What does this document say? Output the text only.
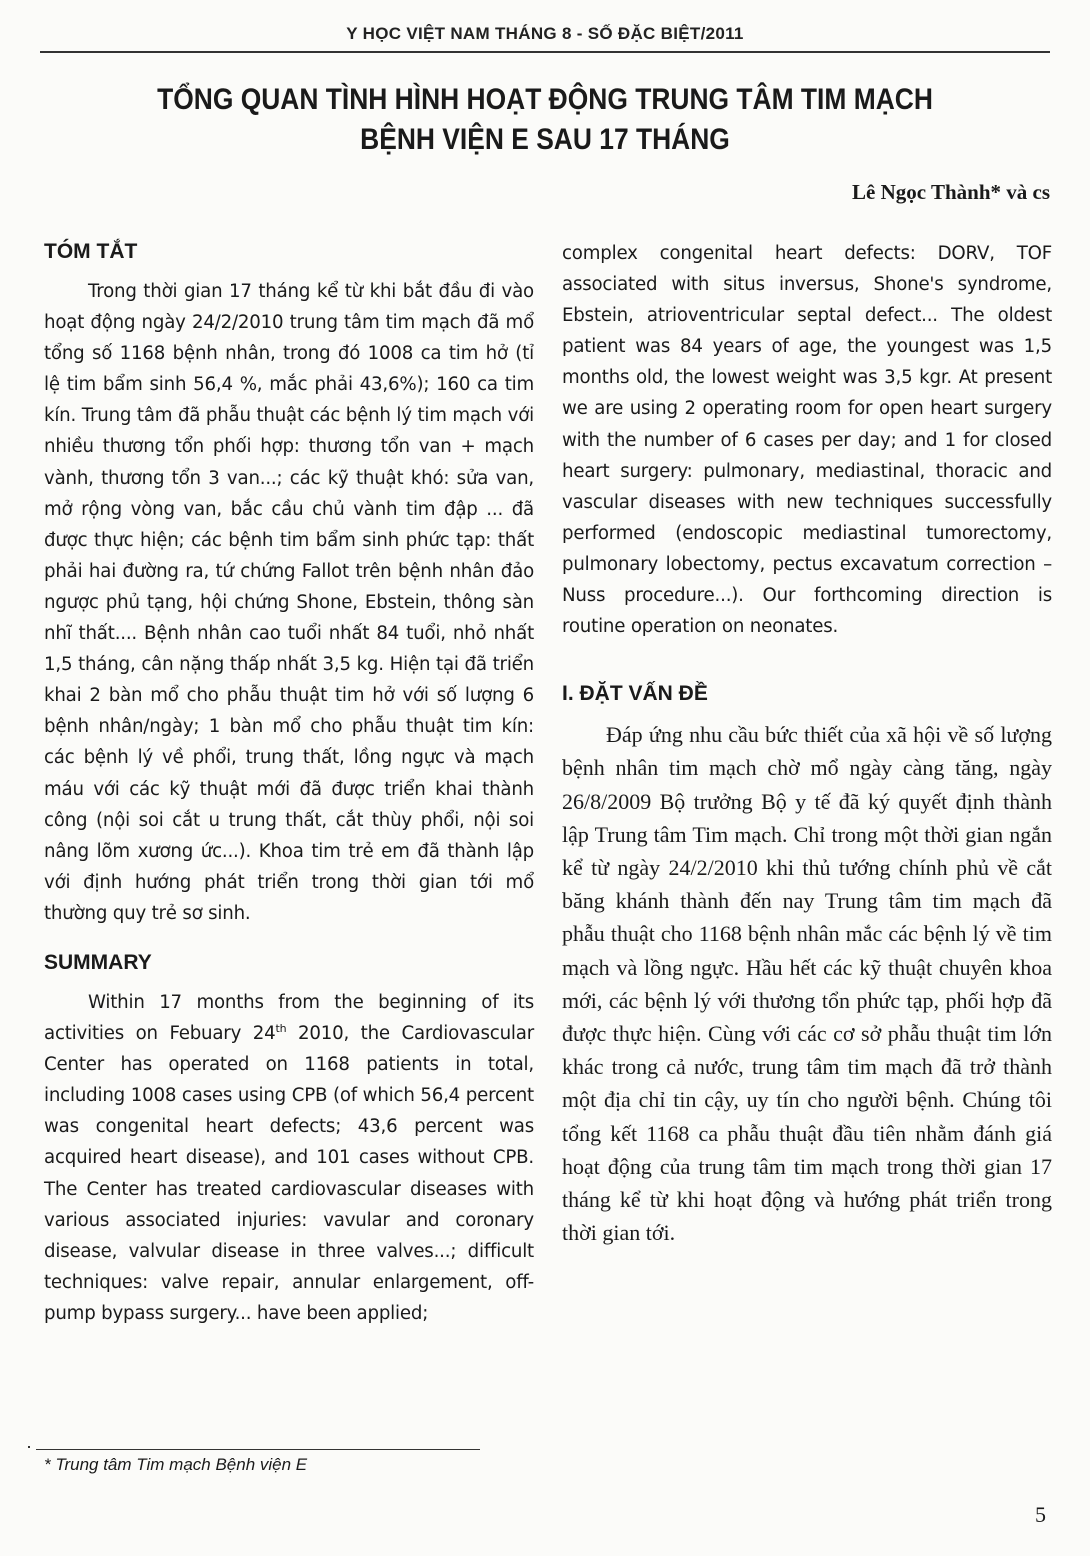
Y HỌC VIỆT NAM THÁNG 8 - SỐ ĐẶC BIỆT/2011
TỔNG QUAN TÌNH HÌNH HOẠT ĐỘNG TRUNG TÂM TIM MẠCH
BỆNH VIỆN E SAU 17 THÁNG
Lê Ngọc Thành* và cs
TÓM TẮT

Trong thời gian 17 tháng kể từ khi bắt đầu đi vào hoạt động ngày 24/2/2010 trung tâm tim mạch đã mổ tổng số 1168 bệnh nhân, trong đó 1008 ca tim hở (tỉ lệ tim bẩm sinh 56,4 %, mắc phải 43,6%); 160 ca tim kín. Trung tâm đã phẫu thuật các bệnh lý tim mạch với nhiều thương tổn phối hợp: thương tổn van + mạch vành, thương tổn 3 van...; các kỹ thuật khó: sửa van, mở rộng vòng van, bắc cầu chủ vành tim đập ... đã được thực hiện; các bệnh tim bẩm sinh phức tạp: thất phải hai đường ra, tứ chứng Fallot trên bệnh nhân đảo ngược phủ tạng, hội chứng Shone, Ebstein, thông sàn nhĩ thất.... Bệnh nhân cao tuổi nhất 84 tuổi, nhỏ nhất 1,5 tháng, cân nặng thấp nhất 3,5 kg. Hiện tại đã triển khai 2 bàn mổ cho phẫu thuật tim hở với số lượng 6 bệnh nhân/ngày; 1 bàn mổ cho phẫu thuật tim kín: các bệnh lý về phổi, trung thất, lồng ngực và mạch máu với các kỹ thuật mới đã được triển khai thành công (nội soi cắt u trung thất, cắt thùy phổi, nội soi nâng lõm xương ức...). Khoa tim trẻ em đã thành lập với định hướng phát triển trong thời gian tới mổ thường quy trẻ sơ sinh.

SUMMARY

Within 17 months from the beginning of its activities on Febuary 24th 2010, the Cardiovascular Center has operated on 1168 patients in total, including 1008 cases using CPB (of which 56,4 percent was congenital heart defects; 43,6 percent was acquired heart disease), and 101 cases without CPB. The Center has treated cardiovascular diseases with various associated injuries: vavular and coronary disease, valvular disease in three valves...; difficult techniques: valve repair, annular enlargement, off-pump bypass surgery... have been applied;

complex congenital heart defects: DORV, TOF associated with situs inversus, Shone's syndrome, Ebstein, atrioventricular septal defect... The oldest patient was 84 years of age, the youngest was 1,5 months old, the lowest weight was 3,5 kgr. At present we are using 2 operating room for open heart surgery with the number of 6 cases per day; and 1 for closed heart surgery: pulmonary, mediastinal, thoracic and vascular diseases with new techniques successfully performed (endoscopic mediastinal tumorectomy, pulmonary lobectomy, pectus excavatum correction – Nuss procedure...). Our forthcoming direction is routine operation on neonates.

I. ĐẶT VẤN ĐỀ

Đáp ứng nhu cầu bức thiết của xã hội về số lượng bệnh nhân tim mạch chờ mổ ngày càng tăng, ngày 26/8/2009 Bộ trưởng Bộ y tế đã ký quyết định thành lập Trung tâm Tim mạch. Chỉ trong một thời gian ngắn kể từ ngày 24/2/2010 khi thủ tướng chính phủ về cắt băng khánh thành đến nay Trung tâm tim mạch đã phẫu thuật cho 1168 bệnh nhân mắc các bệnh lý về tim mạch và lồng ngực. Hầu hết các kỹ thuật chuyên khoa mới, các bệnh lý với thương tổn phức tạp, phối hợp đã được thực hiện. Cùng với các cơ sở phẫu thuật tim lớn khác trong cả nước, trung tâm tim mạch đã trở thành một địa chỉ tin cậy, uy tín cho người bệnh. Chúng tôi tổng kết 1168 ca phẫu thuật đầu tiên nhằm đánh giá hoạt động của trung tâm tim mạch trong thời gian 17 tháng kể từ khi hoạt động và hướng phát triển trong thời gian tới.

* Trung tâm Tim mạch Bệnh viện E
5
